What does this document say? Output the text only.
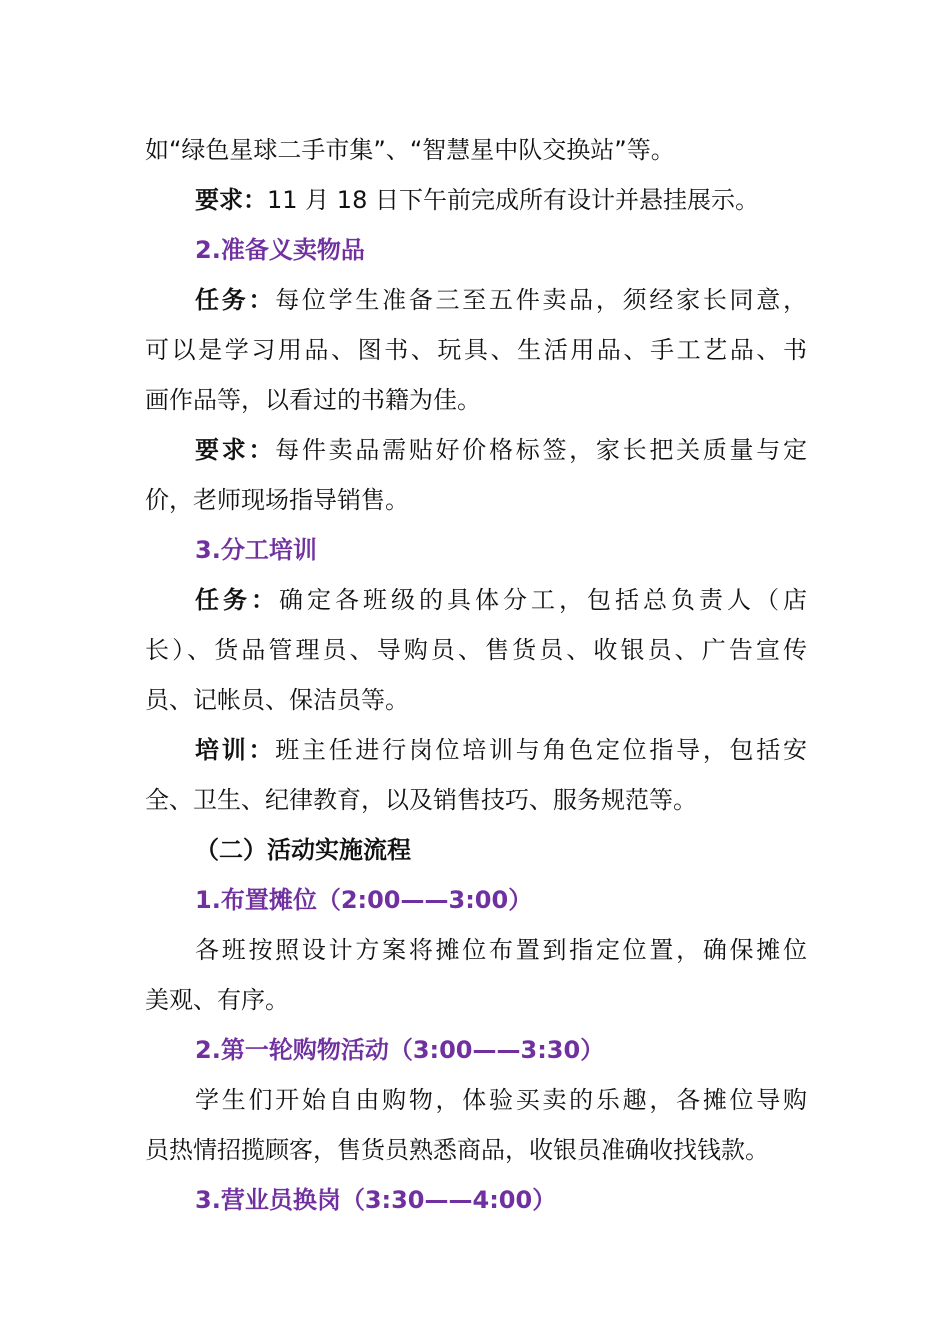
如“绿色星球二手市集”、“智慧星中队交换站”等。
要求：11 月 18 日下午前完成所有设计并悬挂展示。
2.准备义卖物品
任务：每位学生准备三至五件卖品，须经家长同意，
可以是学习用品、图书、玩具、生活用品、手工艺品、书
画作品等，以看过的书籍为佳。
要求：每件卖品需贴好价格标签，家长把关质量与定
价，老师现场指导销售。
3.分工培训
任务：确定各班级的具体分工，包括总负责人（店
长）、货品管理员、导购员、售货员、收银员、广告宣传
员、记帐员、保洁员等。
培训：班主任进行岗位培训与角色定位指导，包括安
全、卫生、纪律教育，以及销售技巧、服务规范等。
（二）活动实施流程
1.布置摊位（2:00——3:00）
各班按照设计方案将摊位布置到指定位置，确保摊位
美观、有序。
2.第一轮购物活动（3:00——3:30）
学生们开始自由购物，体验买卖的乐趣，各摊位导购
员热情招揽顾客，售货员熟悉商品，收银员准确收找钱款。
3.营业员换岗（3:30——4:00）
